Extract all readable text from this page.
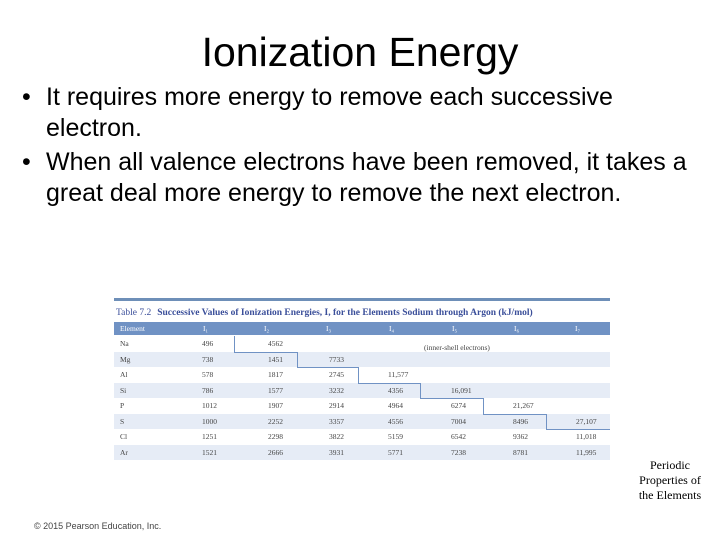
Ionization Energy
• It requires more energy to remove each successive electron.
• When all valence electrons have been removed, it takes a great deal more energy to remove the next electron.
Table 7.2 Successive Values of Ionization Energies, I, for the Elements Sodium through Argon (kJ/mol)
Element	I₁	I₂	I₃	I₄	I₅	I₆	I₇
Na	496	4562
Mg	738	1451	7733
Al	578	1817	2745	11,577
Si	786	1577	3232	4356	16,091
P	1012	1907	2914	4964	6274	21,267
S	1000	2252	3357	4556	7004	8496	27,107
Cl	1251	2298	3822	5159	6542	9362	11,018
Ar	1521	2666	3931	5771	7238	8781	11,995
(inner-shell electrons)
© 2015 Pearson Education, Inc.
Periodic Properties of the Elements
